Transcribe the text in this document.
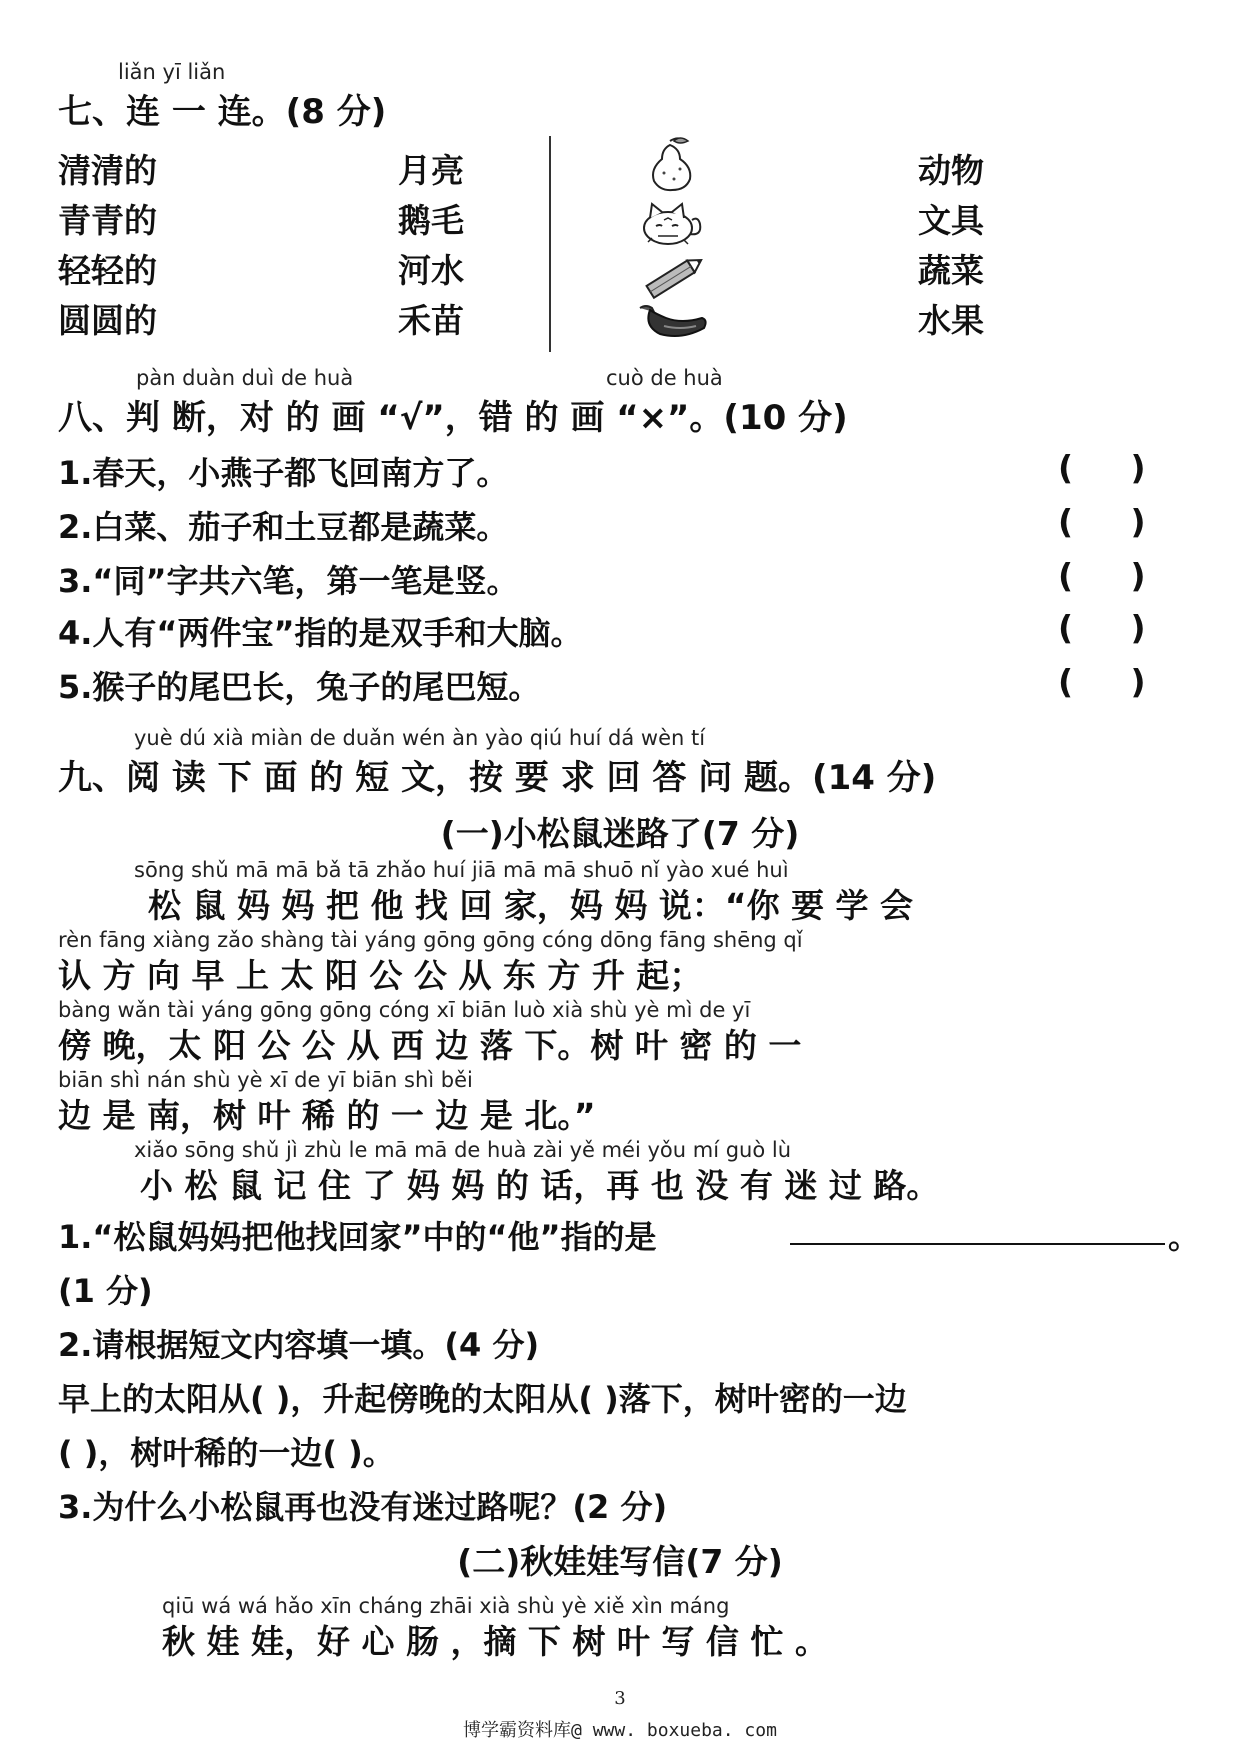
liǎn yī liǎn
七、连 一 连。(8 分)
清清的
青青的
轻轻的
圆圆的
月亮
鹅毛
河水
禾苗
动物
文具
蔬菜
水果
pàn duàn duì de huà	cuò de huà
八、判 断，对 的 画 “√”，错 的 画 “×”。(10 分)
1.春天，小燕子都飞回南方了。
2.白菜、茄子和土豆都是蔬菜。
3.“同”字共六笔，第一笔是竖。
4.人有“两件宝”指的是双手和大脑。
5.猴子的尾巴长，兔子的尾巴短。
(     )
(     )
(     )
(     )
(     )
yuè dú xià miàn de duǎn wén àn yào qiú huí dá wèn tí
九、阅 读 下 面 的 短 文，按 要 求 回 答 问 题。(14 分)
(一)小松鼠迷路了(7 分)
sōng shǔ mā mā bǎ tā zhǎo huí jiā mā mā shuō nǐ yào xué huì
松 鼠 妈 妈 把 他 找 回 家，妈 妈 说：“你 要 学 会
rèn fāng xiàng zǎo shàng tài yáng gōng gōng cóng dōng fāng shēng qǐ
认 方 向 早 上 太 阳 公 公 从 东 方 升 起；
bàng wǎn tài yáng gōng gōng cóng xī biān luò xià shù yè mì de yī
傍 晚，太 阳 公 公 从 西 边 落 下。树 叶 密 的 一
biān shì nán shù yè xī de yī biān shì běi
边 是 南，树 叶 稀 的 一 边 是 北。”
xiǎo sōng shǔ jì zhù le mā mā de huà zài yě méi yǒu mí guò lù
小 松 鼠 记 住 了 妈 妈 的 话，再 也 没 有 迷 过 路。
1.“松鼠妈妈把他找回家”中的“他”指的是	。
(1 分)
2.请根据短文内容填一填。(4 分)
早上的太阳从( )，升起傍晚的太阳从( )落下，树叶密的一边
( )，树叶稀的一边( )。
3.为什么小松鼠再也没有迷过路呢？(2 分)
(二)秋娃娃写信(7 分)
qiū wá wá hǎo xīn cháng zhāi xià shù yè xiě xìn máng
秋 娃 娃，好 心 肠 ，摘 下 树 叶 写 信 忙 。
3
博学霸资料库@ www. boxueba. com
